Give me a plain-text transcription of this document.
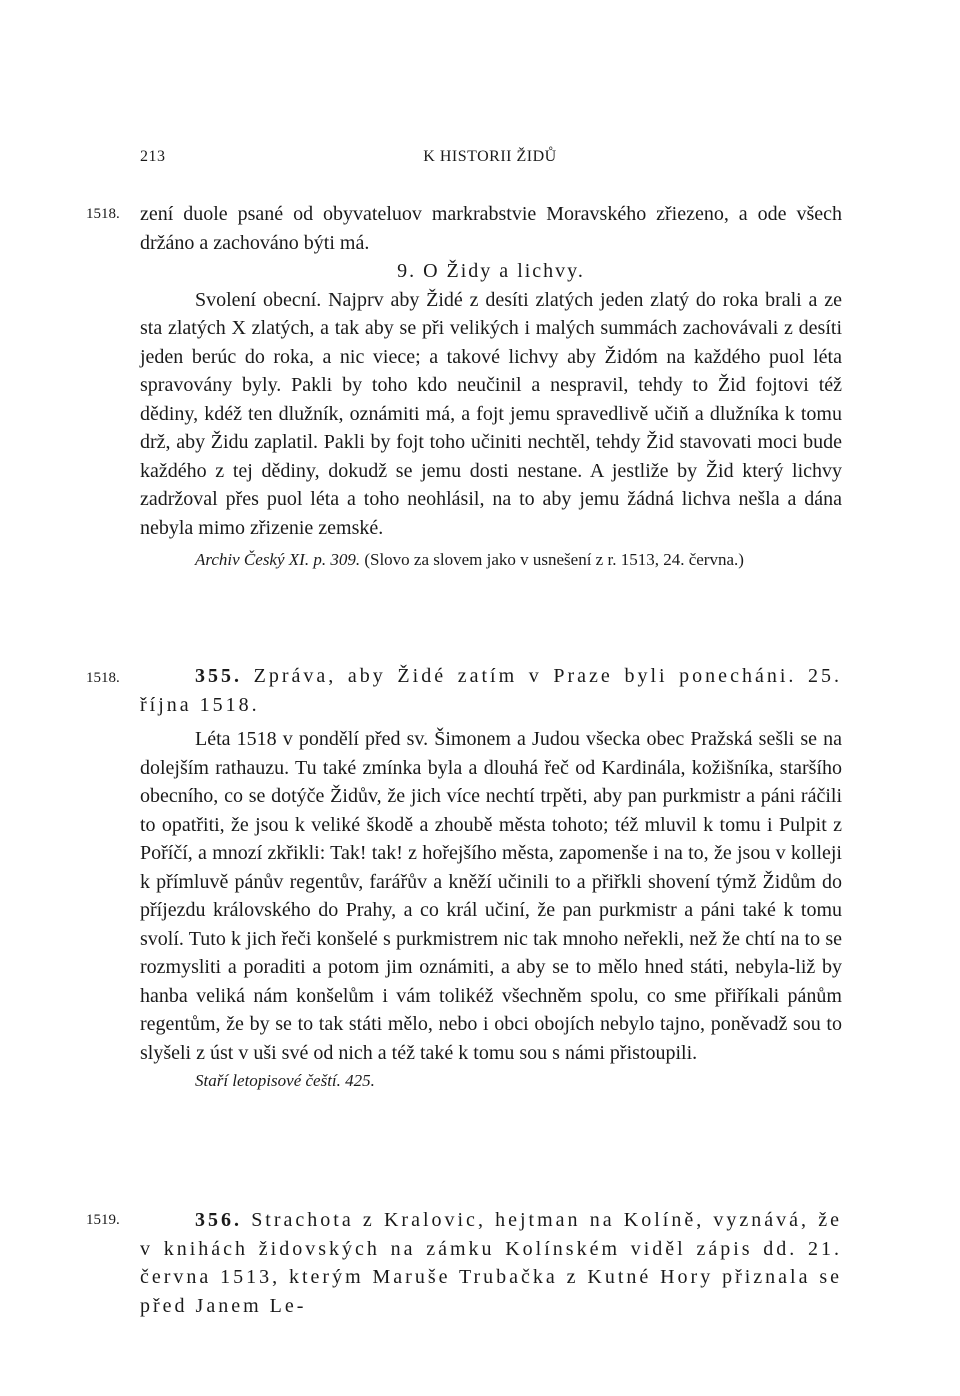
213	K HISTORII ŽIDŮ
1518.
1518.
1519.

zení duole psané od obyvateluov markrabstvie Moravského zřiezeno, a ode všech držáno a zachováno býti má.

9. O Židy a lichvy.

Svolení obecní. Najprv aby Židé z desíti zlatých jeden zlatý do roka brali a ze sta zlatých X zlatých, a tak aby se při velikých i malých summách zachovávali z desíti jeden berúc do roka, a nic viece; a takové lichvy aby Židóm na každého puol léta spravovány byly. Pakli by toho kdo neučinil a nespravil, tehdy to Žid fojtovi též dědiny, kdéž ten dlužník, oznámiti má, a fojt jemu spravedlivě učiň a dlužníka k tomu drž, aby Židu zaplatil. Pakli by fojt toho učiniti nechtěl, tehdy Žid stavovati moci bude každého z tej dědiny, dokudž se jemu dosti nestane. A jestliže by Žid který lichvy zadržoval přes puol léta a toho neohlásil, na to aby jemu žádná lichva nešla a dána nebyla mimo zřizenie zemské.

Archiv Český XI. p. 309. (Slovo za slovem jako v usnešení z r. 1513, 24. června.)

355. Zpráva, aby Židé zatím v Praze byli ponecháni. 25. října 1518.

Léta 1518 v pondělí před sv. Šimonem a Judou všecka obec Pražská sešli se na dolejším rathauzu. Tu také zmínka byla a dlouhá řeč od Kardinála, kožišníka, staršího obecního, co se dotýče Židův, že jich více nechtí trpěti, aby pan purkmistr a páni ráčili to opatřiti, že jsou k veliké škodě a zhoubě města tohoto; též mluvil k tomu i Pulpit z Poříčí, a mnozí zkřikli: Tak! tak! z hořejšího města, zapomenše i na to, že jsou v kolleji k přímluvě pánův regentův, farářův a kněží učinili to a přiřkli shovení týmž Židům do příjezdu královského do Prahy, a co král učiní, že pan purkmistr a páni také k tomu svolí. Tuto k jich řeči konšelé s purkmistrem nic tak mnoho neřekli, než že chtí na to se rozmysliti a poraditi a potom jim oznámiti, a aby se to mělo hned státi, nebyla-liž by hanba veliká nám konšelům i vám tolikéž všechněm spolu, co sme přiříkali pánům regentům, že by se to tak státi mělo, nebo i obci obojích nebylo tajno, poněvadž sou to slyšeli z úst v uši své od nich a též také k tomu sou s námi přistoupili.

Staří letopisové čeští. 425.

356. Strachota z Kralovic, hejtman na Kolíně, vyznává, že v knihách židovských na zámku Kolínském viděl zápis dd. 21. června 1513, kterým Maruše Trubačka z Kutné Hory přiznala se před Janem Le-
